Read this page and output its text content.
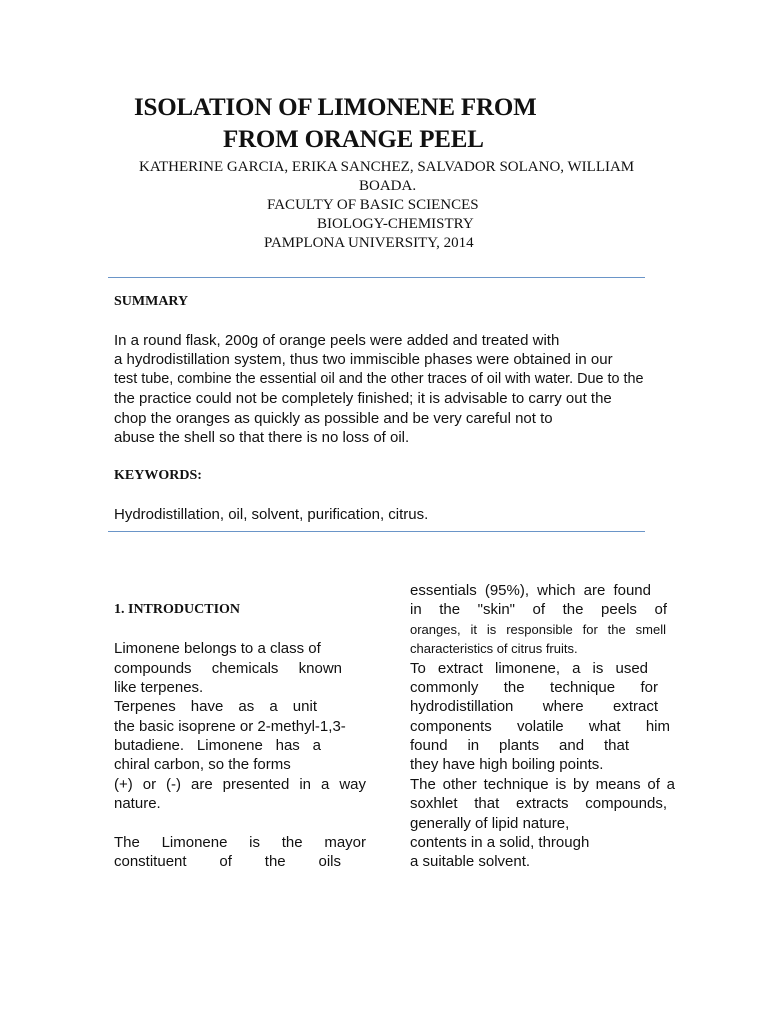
ISOLATION OF LIMONENE FROM
FROM ORANGE PEEL
KATHERINE GARCIA, ERIKA SANCHEZ, SALVADOR SOLANO, WILLIAM
BOADA.
FACULTY OF BASIC SCIENCES
BIOLOGY-CHEMISTRY
PAMPLONA UNIVERSITY, 2014
SUMMARY
In a round flask, 200g of orange peels were added and treated with
a hydrodistillation system, thus two immiscible phases were obtained in our
test tube, combine the essential oil and the other traces of oil with water. Due to the
the practice could not be completely finished; it is advisable to carry out the
chop the oranges as quickly as possible and be very careful not to
abuse the shell so that there is no loss of oil.
KEYWORDS:
Hydrodistillation, oil, solvent, purification, citrus.
1. INTRODUCTION
Limonene belongs to a class of
compounds chemicals known
like terpenes.
Terpenes have as a unit
the basic isoprene or 2-methyl-1,3-
butadiene. Limonene has a
chiral carbon, so the forms
(+) or (-) are presented in a way
nature.
The Limonene is the mayor
constituent of the oils
essentials (95%), which are found
in the "skin" of the peels of
oranges, it is responsible for the smell
characteristics of citrus fruits.
To extract limonene, a is used
commonly the technique for
hydrodistillation where extract
components volatile what him
found in plants and that
they have high boiling points.
The other technique is by means of a
soxhlet that extracts compounds,
generally of lipid nature,
contents in a solid, through
a suitable solvent.
